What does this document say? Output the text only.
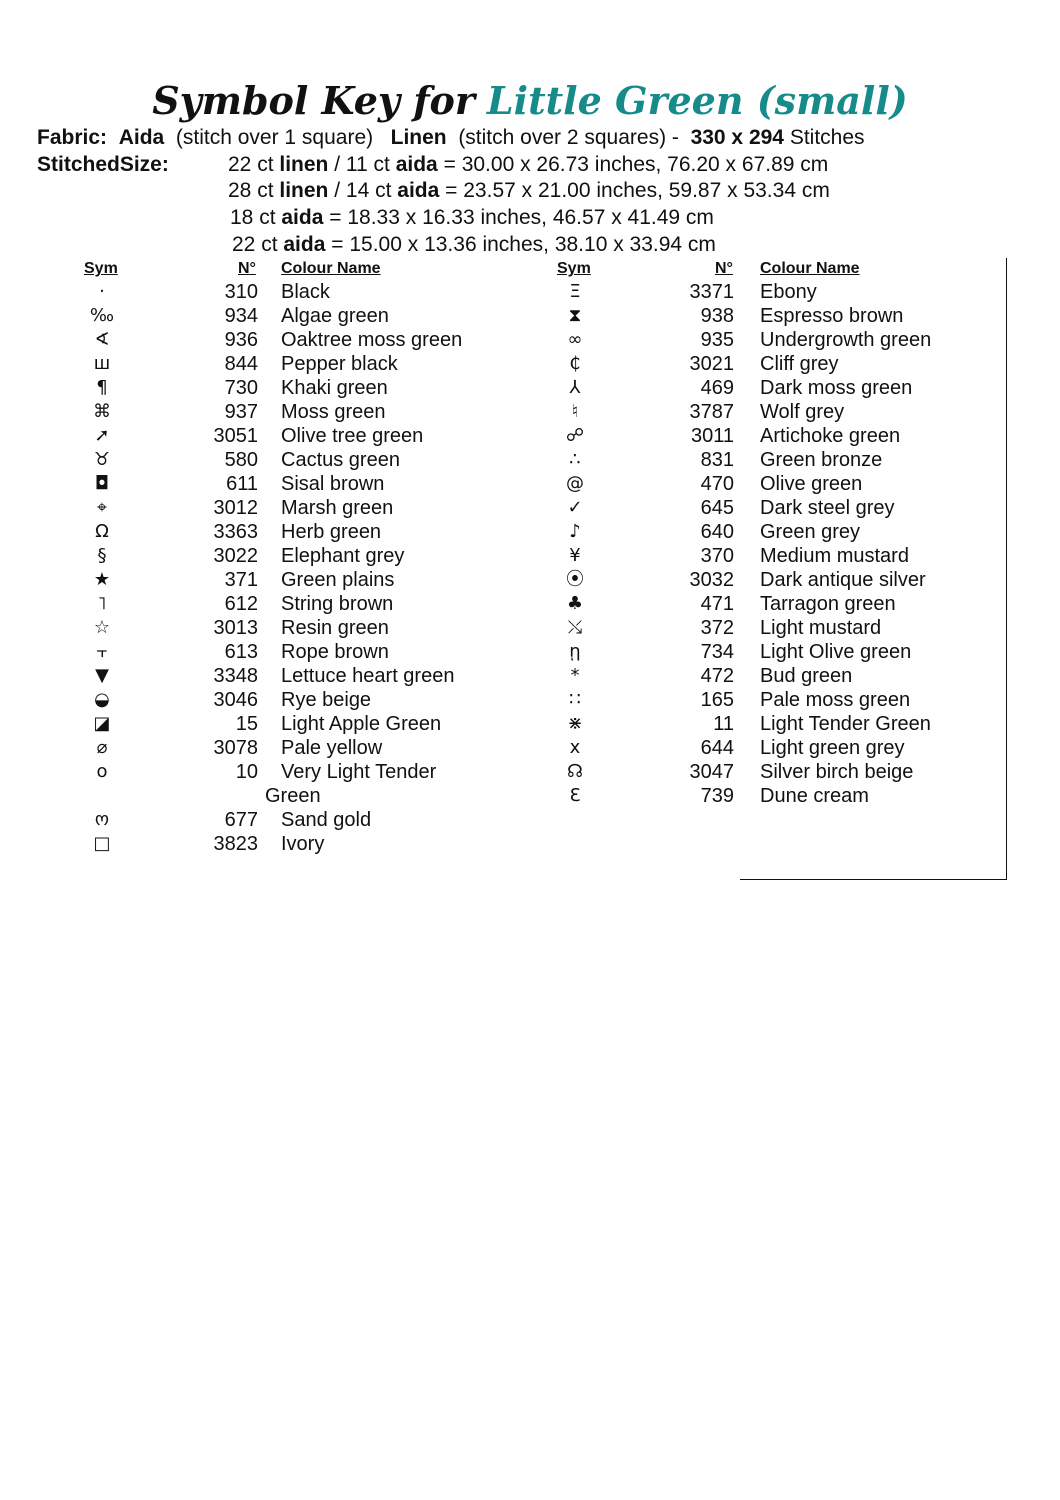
Symbol Key for Little Green (small)
Fabric: Aida (stitch over 1 square) Linen (stitch over 2 squares) - 330 x 294 Stitches
StitchedSize:	22 ct linen / 11 ct aida = 30.00 x 26.73 inches, 76.20 x 67.89 cm
28 ct linen / 14 ct aida = 23.57 x 21.00 inches, 59.87 x 53.34 cm
18 ct aida = 18.33 x 16.33 inches, 46.57 x 41.49 cm
22 ct aida = 15.00 x 13.36 inches, 38.10 x 33.94 cm
Sym	N° Colour Name	Sym	N° Colour Name
·	310 Black
‰	934 Algae green
∢	936 Oaktree moss green
ш	844 Pepper black
¶	730 Khaki green
⌘	937 Moss green
➚	3051 Olive tree green
♉	580 Cactus green
◘	611 Sisal brown
⌖	3012 Marsh green
Ω	3363 Herb green
§	3022 Elephant grey
★	371 Green plains
˥	612 String brown
☆	3013 Resin green
⫟	613 Rope brown
▼	3348 Lettuce heart green
◒	3046 Rye beige
◪	15 Light Apple Green
⌀	3078 Pale yellow
o	10 Very Light Tender
Green
ო	677 Sand gold
□	3823 Ivory
Ξ	3371 Ebony
⧗	938 Espresso brown
∞	935 Undergrowth green
₵	3021 Cliff grey
⅄	469 Dark moss green
♮	3787 Wolf grey
☍	3011 Artichoke green
∴	831 Green bronze
@	470 Olive green
✓	645 Dark steel grey
♪	640 Green grey
¥	370 Medium mustard
⦿	3032 Dark antique silver
♣	471 Tarragon green
⤯	372 Light mustard
ῃ	734 Light Olive green
*	472 Bud green
∷	165 Pale moss green
⋇	11 Light Tender Green
x	644 Light green grey
☊	3047 Silver birch beige
Ɛ	739 Dune cream
